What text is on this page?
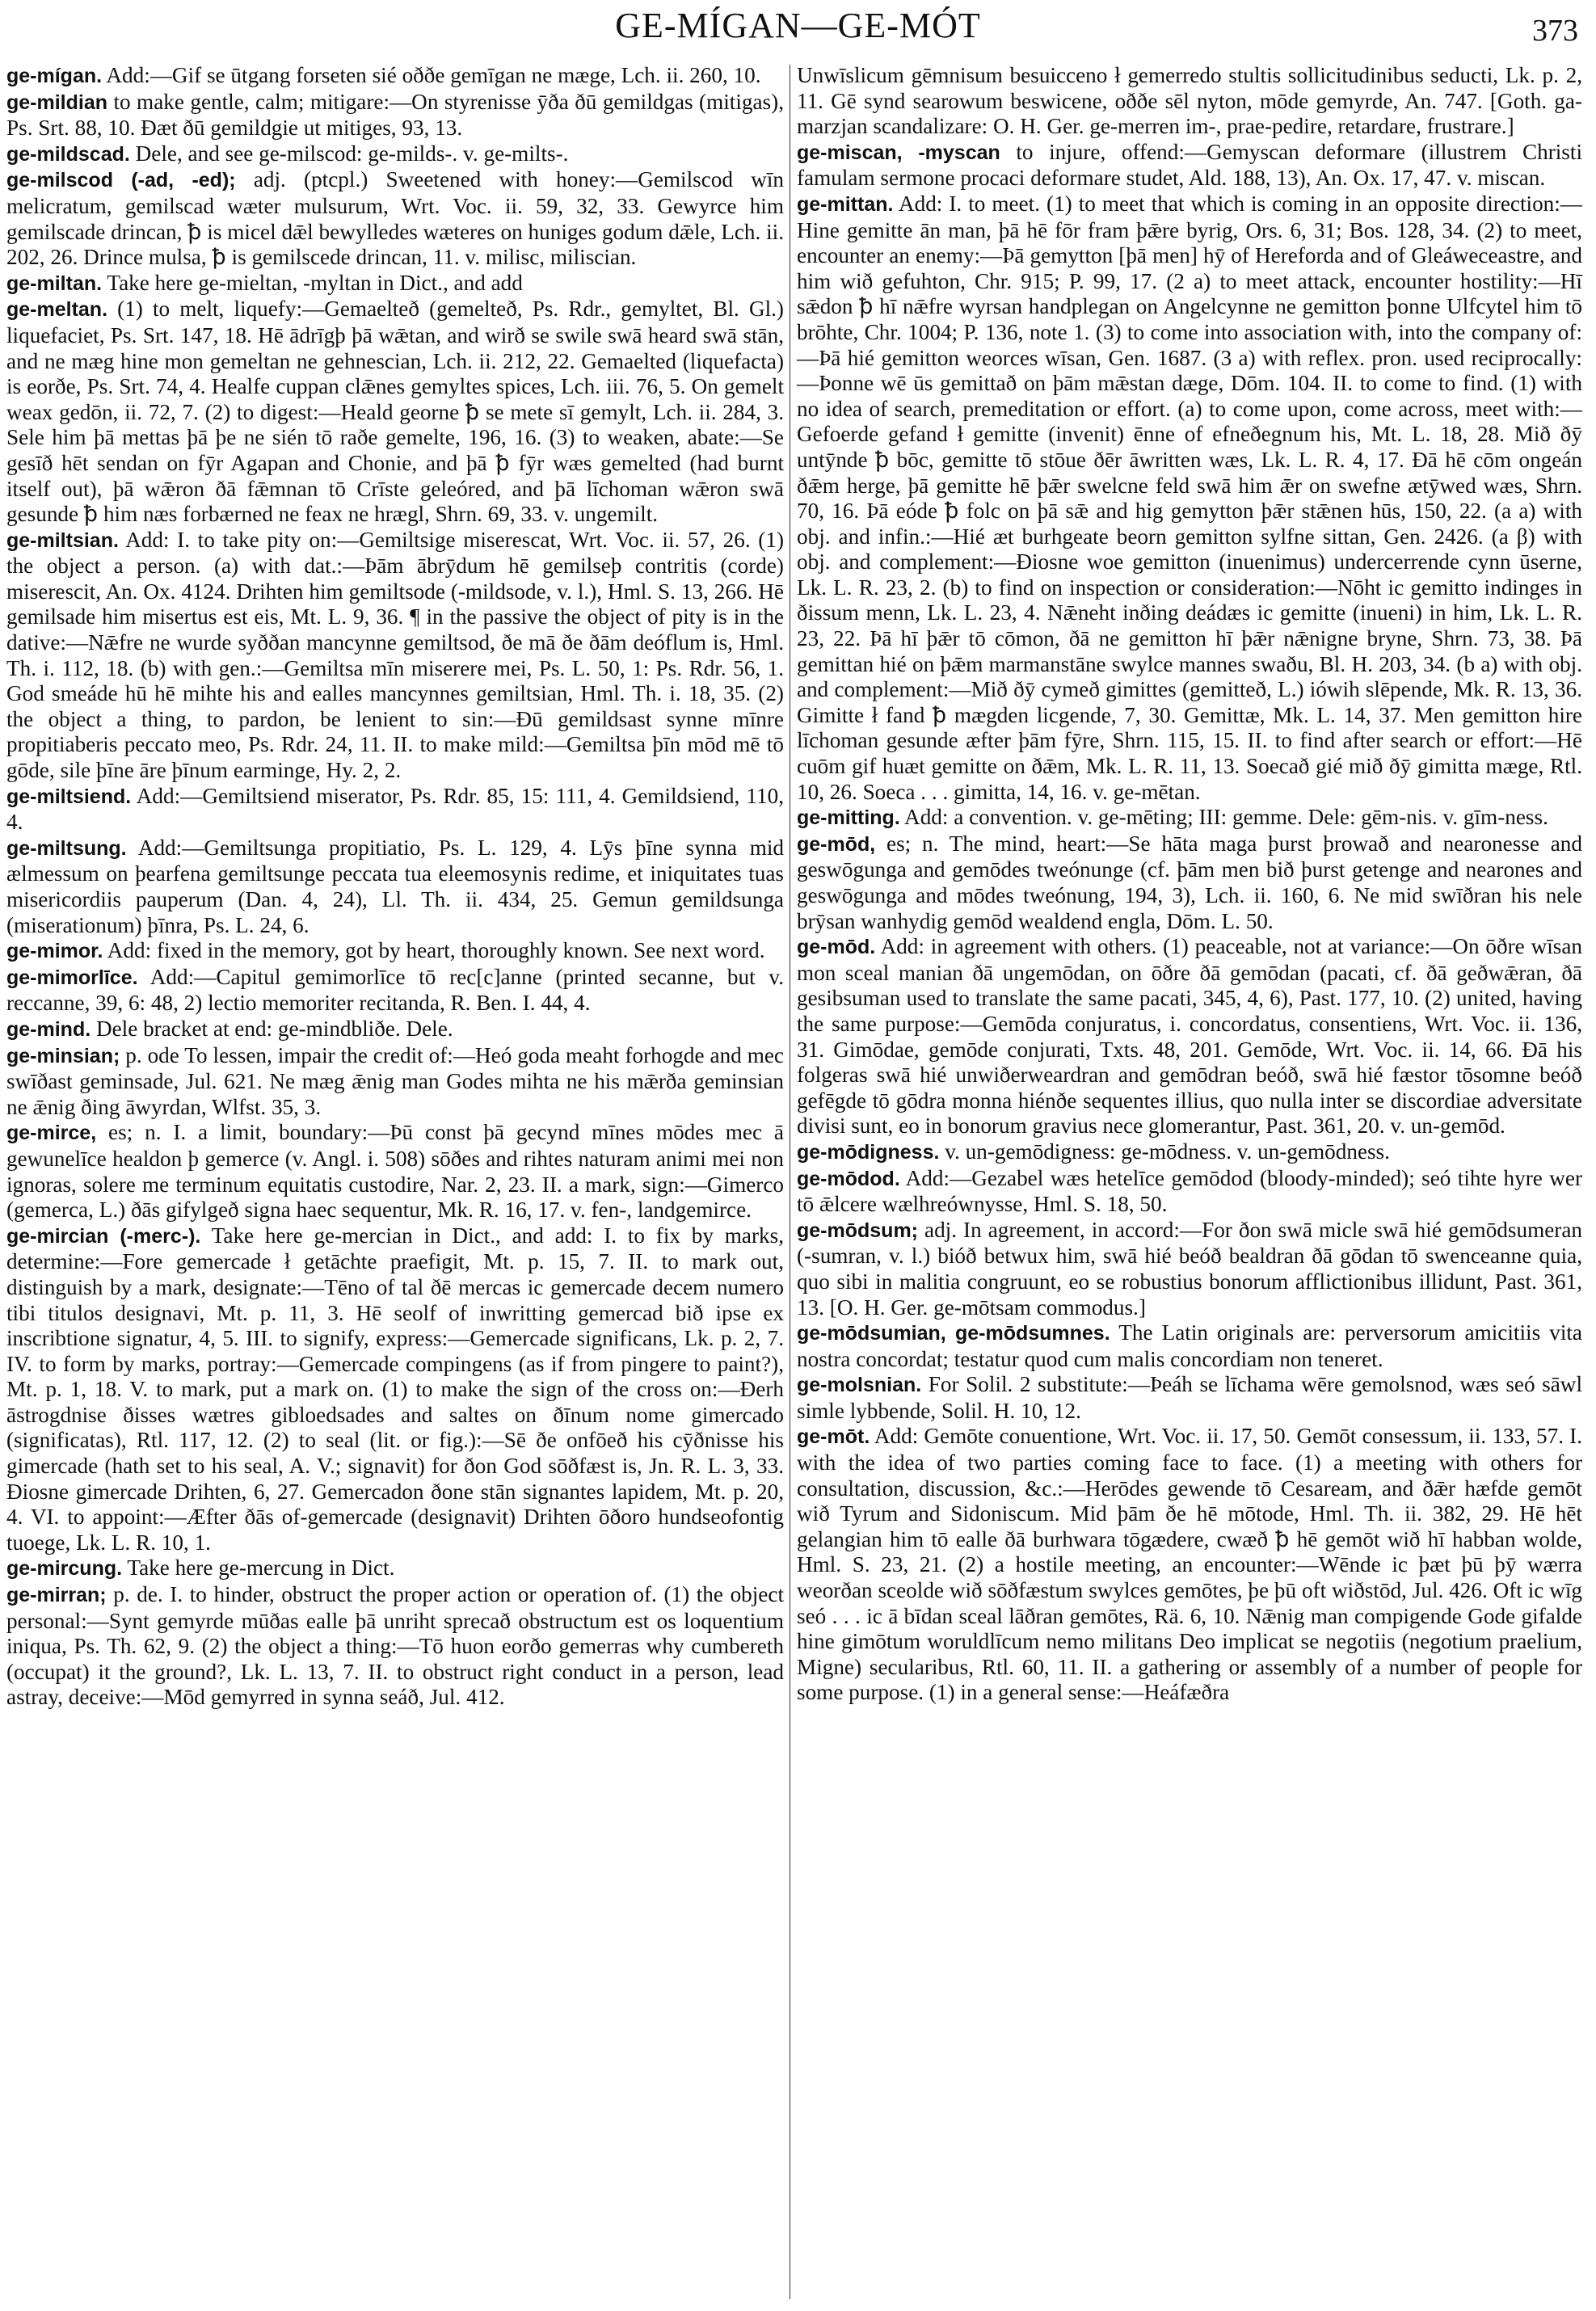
GE-MÍGAN—GE-MÓT	373

ge-mígan. Add:—Gif se ūtgang forseten sié oððe gemīgan ne mæge, Lch. ii. 260, 10.

ge-mildian to make gentle, calm; mitigare:—On styrenisse ȳða ðū gemildgas (mitigas), Ps. Srt. 88, 10. Ðæt ðū gemildgie ut mitiges, 93, 13.

ge-mildscad. Dele, and see ge-milscod: ge-milds-. v. ge-milts-.

ge-milscod (-ad, -ed); adj. (ptcpl.) Sweetened with honey:—Gemilscod wīn melicratum, gemilscad wæter mulsurum, Wrt. Voc. ii. 59, 32, 33. Gewyrce him gemilscade drincan, ꝥ is micel dǣl bewylledes wæteres on huniges godum dǣle, Lch. ii. 202, 26. Drince mulsa, ꝥ is gemilscede drincan, 11. v. milisc, miliscian.

ge-miltan. Take here ge-mieltan, -myltan in Dict., and add

ge-meltan. (1) to melt, liquefy:—Gemaelteð (gemelteð, Ps. Rdr., gemyltet, Bl. Gl.) liquefaciet, Ps. Srt. 147, 18. Hē ādrīgþ þā wǣtan, and wirð se swile swā heard swā stān, and ne mæg hine mon gemeltan ne gehnescian, Lch. ii. 212, 22. Gemaelted (liquefacta) is eorðe, Ps. Srt. 74, 4. Healfe cuppan clǣnes gemyltes spices, Lch. iii. 76, 5. On gemelt weax gedōn, ii. 72, 7. (2) to digest:—Heald georne ꝥ se mete sī gemylt, Lch. ii. 284, 3. Sele him þā mettas þā þe ne sién tō raðe gemelte, 196, 16. (3) to weaken, abate:—Se gesīð hēt sendan on fȳr Agapan and Chonie, and þā ꝥ fȳr wæs gemelted (had burnt itself out), þā wǣron ðā fǣmnan tō Crīste geleóred, and þā līchoman wǣron swā gesunde ꝥ him næs forbærned ne feax ne hrægl, Shrn. 69, 33. v. ungemilt.

ge-miltsian. Add: I. to take pity on:—Gemiltsige miserescat, Wrt. Voc. ii. 57, 26. (1) the object a person. (a) with dat.:—Þām ābrȳdum hē gemilseþ contritis (corde) miserescit, An. Ox. 4124. Drihten him gemiltsode (-mildsode, v. l.), Hml. S. 13, 266. Hē gemilsade him misertus est eis, Mt. L. 9, 36. ¶ in the passive the object of pity is in the dative:—Nǣfre ne wurde syððan mancynne gemiltsod, ðe mā ðe ðām deóflum is, Hml. Th. i. 112, 18. (b) with gen.:—Gemiltsa mīn miserere mei, Ps. L. 50, 1: Ps. Rdr. 56, 1. God smeáde hū hē mihte his and ealles mancynnes gemiltsian, Hml. Th. i. 18, 35. (2) the object a thing, to pardon, be lenient to sin:—Ðū gemildsast synne mīnre propitiaberis peccato meo, Ps. Rdr. 24, 11. II. to make mild:—Gemiltsa þīn mōd mē tō gōde, sile þīne āre þīnum earminge, Hy. 2, 2.

ge-miltsiend. Add:—Gemiltsiend miserator, Ps. Rdr. 85, 15: 111, 4. Gemildsiend, 110, 4.

ge-miltsung. Add:—Gemiltsunga propitiatio, Ps. L. 129, 4. Lȳs þīne synna mid ælmessum on þearfena gemiltsunge peccata tua eleemosynis redime, et iniquitates tuas misericordiis pauperum (Dan. 4, 24), Ll. Th. ii. 434, 25. Gemun gemildsunga (miserationum) þīnra, Ps. L. 24, 6.

ge-mimor. Add: fixed in the memory, got by heart, thoroughly known. See next word.

ge-mimorlīce. Add:—Capitul gemimorlīce tō rec[c]anne (printed secanne, but v. reccanne, 39, 6: 48, 2) lectio memoriter recitanda, R. Ben. I. 44, 4.

ge-mind. Dele bracket at end: ge-mindbliðe. Dele.

ge-minsian; p. ode To lessen, impair the credit of:—Heó goda meaht forhogde and mec swīðast geminsade, Jul. 621. Ne mæg ǣnig man Godes mihta ne his mǣrða geminsian ne ǣnig ðing āwyrdan, Wlfst. 35, 3.

ge-mirce, es; n. I. a limit, boundary:—Þū const þā gecynd mīnes mōdes mec ā gewunelīce healdon þ gemerce (v. Angl. i. 508) sōðes and rihtes naturam animi mei non ignoras, solere me terminum equitatis custodire, Nar. 2, 23. II. a mark, sign:—Gimerco (gemerca, L.) ðās gifylgeð signa haec sequentur, Mk. R. 16, 17. v. fen-, landgemirce.

ge-mircian (-merc-). Take here ge-mercian in Dict., and add: I. to fix by marks, determine:—Fore gemercade ł getāchte praefigit, Mt. p. 15, 7. II. to mark out, distinguish by a mark, designate:—Tēno of tal ðē mercas ic gemercade decem numero tibi titulos designavi, Mt. p. 11, 3. Hē seolf of inwritting gemercad bið ipse ex inscribtione signatur, 4, 5. III. to signify, express:—Gemercade significans, Lk. p. 2, 7. IV. to form by marks, portray:—Gemercade compingens (as if from pingere to paint?), Mt. p. 1, 18. V. to mark, put a mark on. (1) to make the sign of the cross on:—Ðerh āstrogdnise ðisses wætres gibloedsades and saltes on ðīnum nome gimercado (significatas), Rtl. 117, 12. (2) to seal (lit. or fig.):—Sē ðe onfōeð his cȳðnisse his gimercade (hath set to his seal, A. V.; signavit) for ðon God sōðfæst is, Jn. R. L. 3, 33. Ðiosne gimercade Drihten, 6, 27. Gemercadon ðone stān signantes lapidem, Mt. p. 20, 4. VI. to appoint:—Æfter ðās of-gemercade (designavit) Drihten ōðoro hundseofontig tuoege, Lk. L. R. 10, 1.

ge-mircung. Take here ge-mercung in Dict.

ge-mirran; p. de. I. to hinder, obstruct the proper action or operation of. (1) the object personal:—Synt gemyrde mūðas ealle þā unriht sprecað obstructum est os loquentium iniqua, Ps. Th. 62, 9. (2) the object a thing:—Tō huon eorðo gemerras why cumbereth (occupat) it the ground?, Lk. L. 13, 7. II. to obstruct right conduct in a person, lead astray, deceive:—Mōd gemyrred in synna seáð, Jul. 412.

Unwīslicum gēmnisum besuicceno ł gemerredo stultis sollicitudinibus seducti, Lk. p. 2, 11. Gē synd searowum beswicene, oððe sēl nyton, mōde gemyrde, An. 747. [Goth. ga-marzjan scandalizare: O. H. Ger. ge-merren im-, prae-pedire, retardare, frustrare.]

ge-miscan, -myscan to injure, offend:—Gemyscan deformare (illustrem Christi famulam sermone procaci deformare studet, Ald. 188, 13), An. Ox. 17, 47. v. miscan.

ge-mittan. Add: I. to meet. (1) to meet that which is coming in an opposite direction:—Hine gemitte ān man, þā hē fōr fram þǣre byrig, Ors. 6, 31; Bos. 128, 34. (2) to meet, encounter an enemy:—Þā gemytton [þā men] hȳ of Hereforda and of Gleáweceastre, and him wið gefuhton, Chr. 915; P. 99, 17. (2 a) to meet attack, encounter hostility:—Hī sǣdon ꝥ hī nǣfre wyrsan handplegan on Angelcynne ne gemitton þonne Ulfcytel him tō brōhte, Chr. 1004; P. 136, note 1. (3) to come into association with, into the company of:—Þā hié gemitton weorces wīsan, Gen. 1687. (3 a) with reflex. pron. used reciprocally:—Þonne wē ūs gemittað on þām mǣstan dæge, Dōm. 104. II. to come to find. (1) with no idea of search, premeditation or effort. (a) to come upon, come across, meet with:—Gefoerde gefand ł gemitte (invenit) ēnne of efneðegnum his, Mt. L. 18, 28. Mið ðȳ untȳnde ꝥ bōc, gemitte tō stōue ðēr āwritten wæs, Lk. L. R. 4, 17. Ðā hē cōm ongeán ðǣm herge, þā gemitte hē þǣr swelcne feld swā him ǣr on swefne ætȳwed wæs, Shrn. 70, 16. Þā eóde ꝥ folc on þā sǣ and hig gemytton þǣr stǣnen hūs, 150, 22. (a a) with obj. and infin.:—Hié æt burhgeate beorn gemitton sylfne sittan, Gen. 2426. (a β) with obj. and complement:—Ðiosne woe gemitton (inuenimus) undercerrende cynn ūserne, Lk. L. R. 23, 2. (b) to find on inspection or consideration:—Nōht ic gemitto indinges in ðissum menn, Lk. L. 23, 4. Nǣneht inðing deádæs ic gemitte (inueni) in him, Lk. L. R. 23, 22. Þā hī þǣr tō cōmon, ðā ne gemitton hī þǣr nǣnigne bryne, Shrn. 73, 38. Þā gemittan hié on þǣm marmanstāne swylce mannes swaðu, Bl. H. 203, 34. (b a) with obj. and complement:—Mið ðȳ cymeð gimittes (gemitteð, L.) iówih slēpende, Mk. R. 13, 36. Gimitte ł fand ꝥ mægden licgende, 7, 30. Gemittæ, Mk. L. 14, 37. Men gemitton hire līchoman gesunde æfter þām fȳre, Shrn. 115, 15. II. to find after search or effort:—Hē cuōm gif huæt gemitte on ðǣm, Mk. L. R. 11, 13. Soecað gié mið ðȳ gimitta mæge, Rtl. 10, 26. Soeca . . . gimitta, 14, 16. v. ge-mētan.

ge-mitting. Add: a convention. v. ge-mēting; III: gemme. Dele: gēm-nis. v. gīm-ness.

ge-mōd, es; n. The mind, heart:—Se hāta maga þurst þrowað and nearonesse and geswōgunga and gemōdes tweónunge (cf. þām men bið þurst getenge and nearones and geswōgunga and mōdes tweónung, 194, 3), Lch. ii. 160, 6. Ne mid swīðran his nele brȳsan wanhydig gemōd wealdend engla, Dōm. L. 50.

ge-mōd. Add: in agreement with others. (1) peaceable, not at variance:—On ōðre wīsan mon sceal manian ðā ungemōdan, on ōðre ðā gemōdan (pacati, cf. ðā geðwǣran, ðā gesibsuman used to translate the same pacati, 345, 4, 6), Past. 177, 10. (2) united, having the same purpose:—Gemōda conjuratus, i. concordatus, consentiens, Wrt. Voc. ii. 136, 31. Gimōdae, gemōde conjurati, Txts. 48, 201. Gemōde, Wrt. Voc. ii. 14, 66. Ðā his folgeras swā hié unwiðerweardran and gemōdran beóð, swā hié fæstor tōsomne beóð gefēgde tō gōdra monna hiénðe sequentes illius, quo nulla inter se discordiae adversitate divisi sunt, eo in bonorum gravius nece glomerantur, Past. 361, 20. v. un-gemōd.

ge-mōdigness. v. un-gemōdigness: ge-mōdness. v. un-gemōdness.

ge-mōdod. Add:—Gezabel wæs hetelīce gemōdod (bloody-minded); seó tihte hyre wer tō ǣlcere wælhreównysse, Hml. S. 18, 50.

ge-mōdsum; adj. In agreement, in accord:—For ðon swā micle swā hié gemōdsumeran (-sumran, v. l.) bióð betwux him, swā hié beóð bealdran ðā gōdan tō swenceanne quia, quo sibi in malitia congruunt, eo se robustius bonorum afflictionibus illidunt, Past. 361, 13. [O. H. Ger. ge-mōtsam commodus.]

ge-mōdsumian, ge-mōdsumnes. The Latin originals are: perversorum amicitiis vita nostra concordat; testatur quod cum malis concordiam non teneret.

ge-molsnian. For Solil. 2 substitute:—Þeáh se līchama wēre gemolsnod, wæs seó sāwl simle lybbende, Solil. H. 10, 12.

ge-mōt. Add: Gemōte conuentione, Wrt. Voc. ii. 17, 50. Gemōt consessum, ii. 133, 57. I. with the idea of two parties coming face to face. (1) a meeting with others for consultation, discussion, &c.:—Herōdes gewende tō Cesaream, and ðǣr hæfde gemōt wið Tyrum and Sidoniscum. Mid þām ðe hē mōtode, Hml. Th. ii. 382, 29. Hē hēt gelangian him tō ealle ðā burhwara tōgædere, cwæð ꝥ hē gemōt wið hī habban wolde, Hml. S. 23, 21. (2) a hostile meeting, an encounter:—Wēnde ic þæt þū þȳ wærra weorðan sceolde wið sōðfæstum swylces gemōtes, þe þū oft wiðstōd, Jul. 426. Oft ic wīg seó . . . ic ā bīdan sceal lāðran gemōtes, Rä. 6, 10. Nǣnig man compigende Gode gifalde hine gimōtum woruldlīcum nemo militans Deo implicat se negotiis (negotium praelium, Migne) secularibus, Rtl. 60, 11. II. a gathering or assembly of a number of people for some purpose. (1) in a general sense:—Heáfæðra
